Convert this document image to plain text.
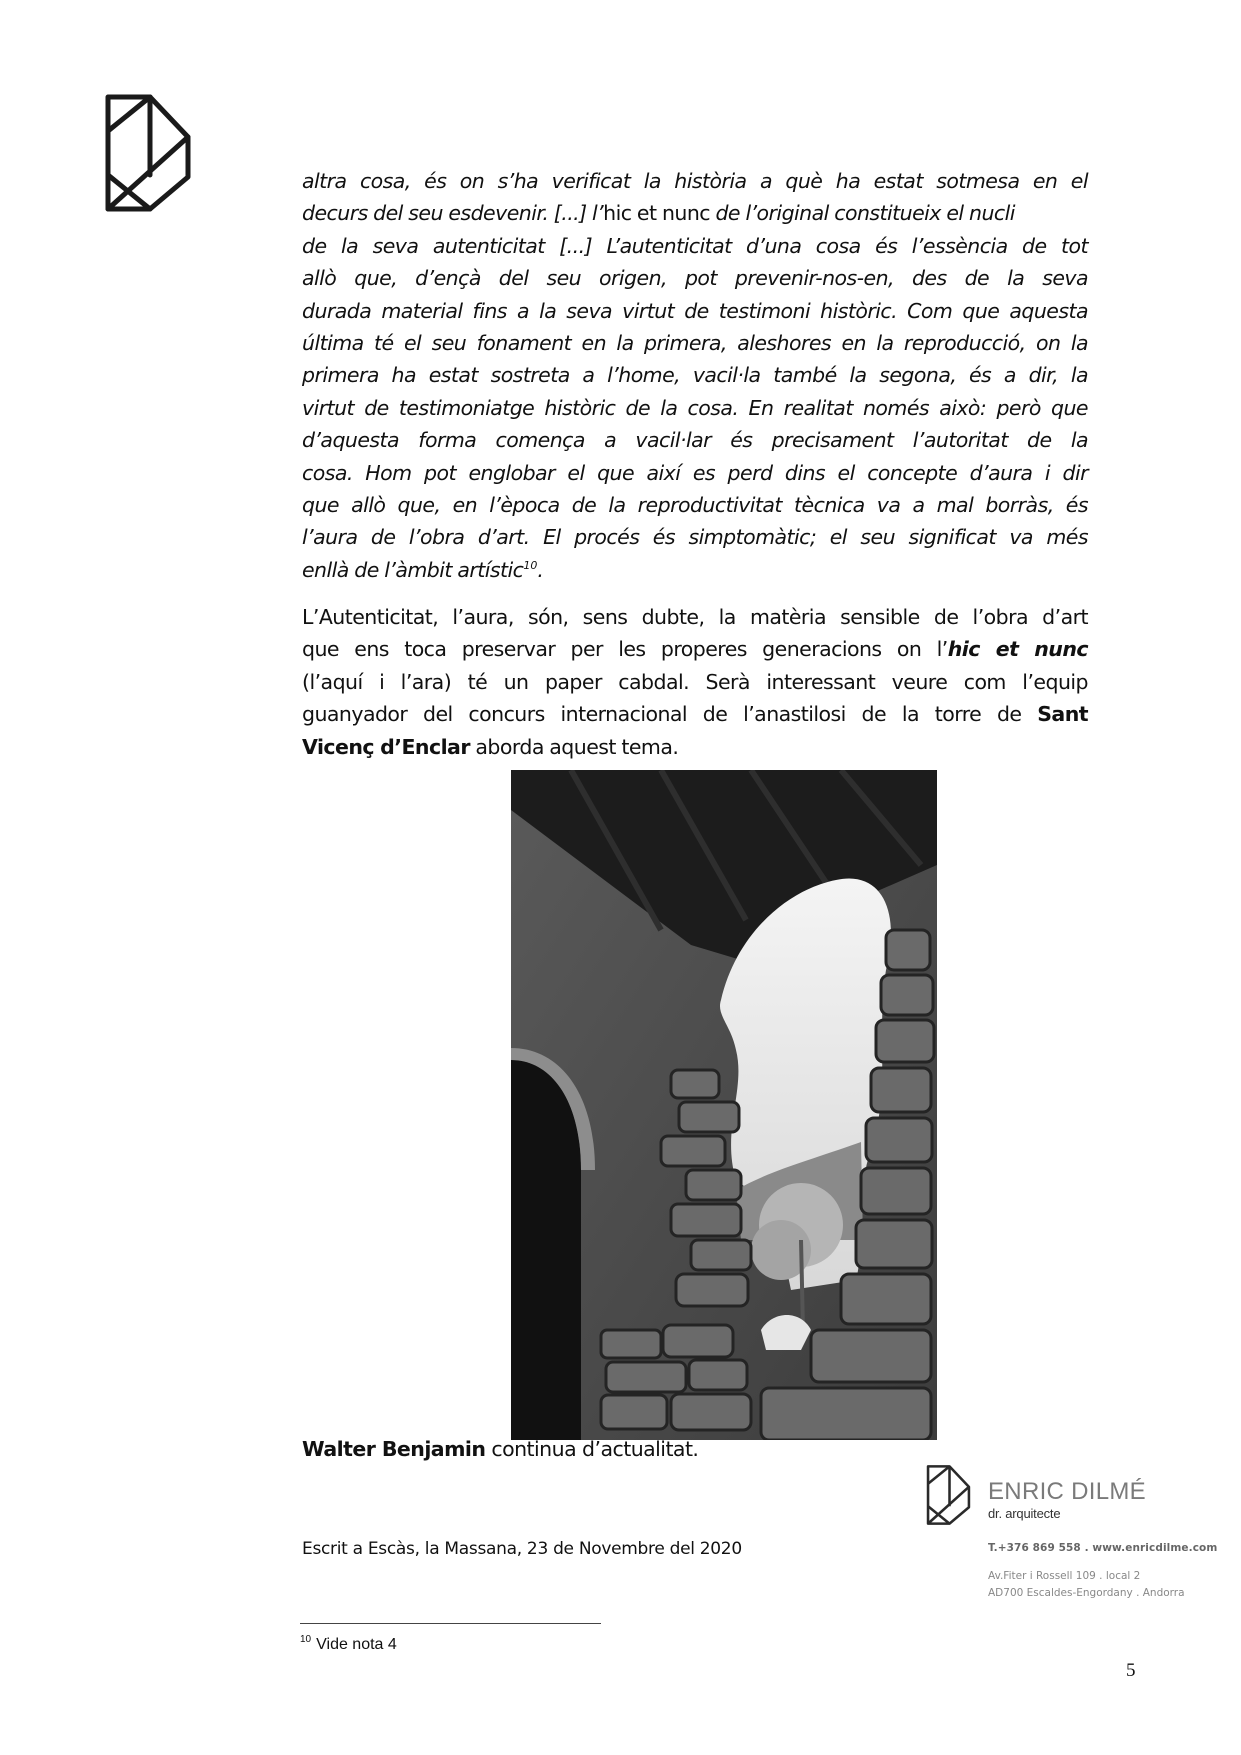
altra cosa, és on s’ha verificat la història a què ha estat sotmesa en el
decurs del seu esdevenir. [...] l’hic et nunc de l’original constitueix el nucli
de la seva autenticitat [...] L’autenticitat d’una cosa és l’essència de tot
allò que, d’ençà del seu origen, pot prevenir-nos-en, des de la seva
durada material fins a la seva virtut de testimoni històric. Com que aquesta
última té el seu fonament en la primera, aleshores en la reproducció, on la
primera ha estat sostreta a l’home, vacil·la també la segona, és a dir, la
virtut de testimoniatge històric de la cosa. En realitat només això: però que
d’aquesta forma comença a vacil·lar és precisament l’autoritat de la
cosa. Hom pot englobar el que així es perd dins el concepte d’aura i dir
que allò que, en l’època de la reproductivitat tècnica va a mal borràs, és
l’aura de l’obra d’art. El procés és simptomàtic; el seu significat va més
enllà de l’àmbit artístic$^{10}$.
L’Autenticitat, l’aura, són, sens dubte, la matèria sensible de l’obra d’art
que ens toca preservar per les properes generacions on l’hic et nunc
(l’aquí i l’ara) té un paper cabdal. Serà interessant veure com l’equip
guanyador del concurs internacional de l’anastilosi de la torre de Sant
Vicenç d’Enclar aborda aquest tema.
Walter Benjamin continua d’actualitat.
Escrit a Escàs, la Massana, 23 de Novembre del 2020
ENRIC DILMÉ
dr. arquitecte
T.+376 869 558 . www.enricdilme.com
Av.Fiter i Rossell 109 . local 2
AD700 Escaldes-Engordany . Andorra
$^{10}$ Vide nota 4
5
